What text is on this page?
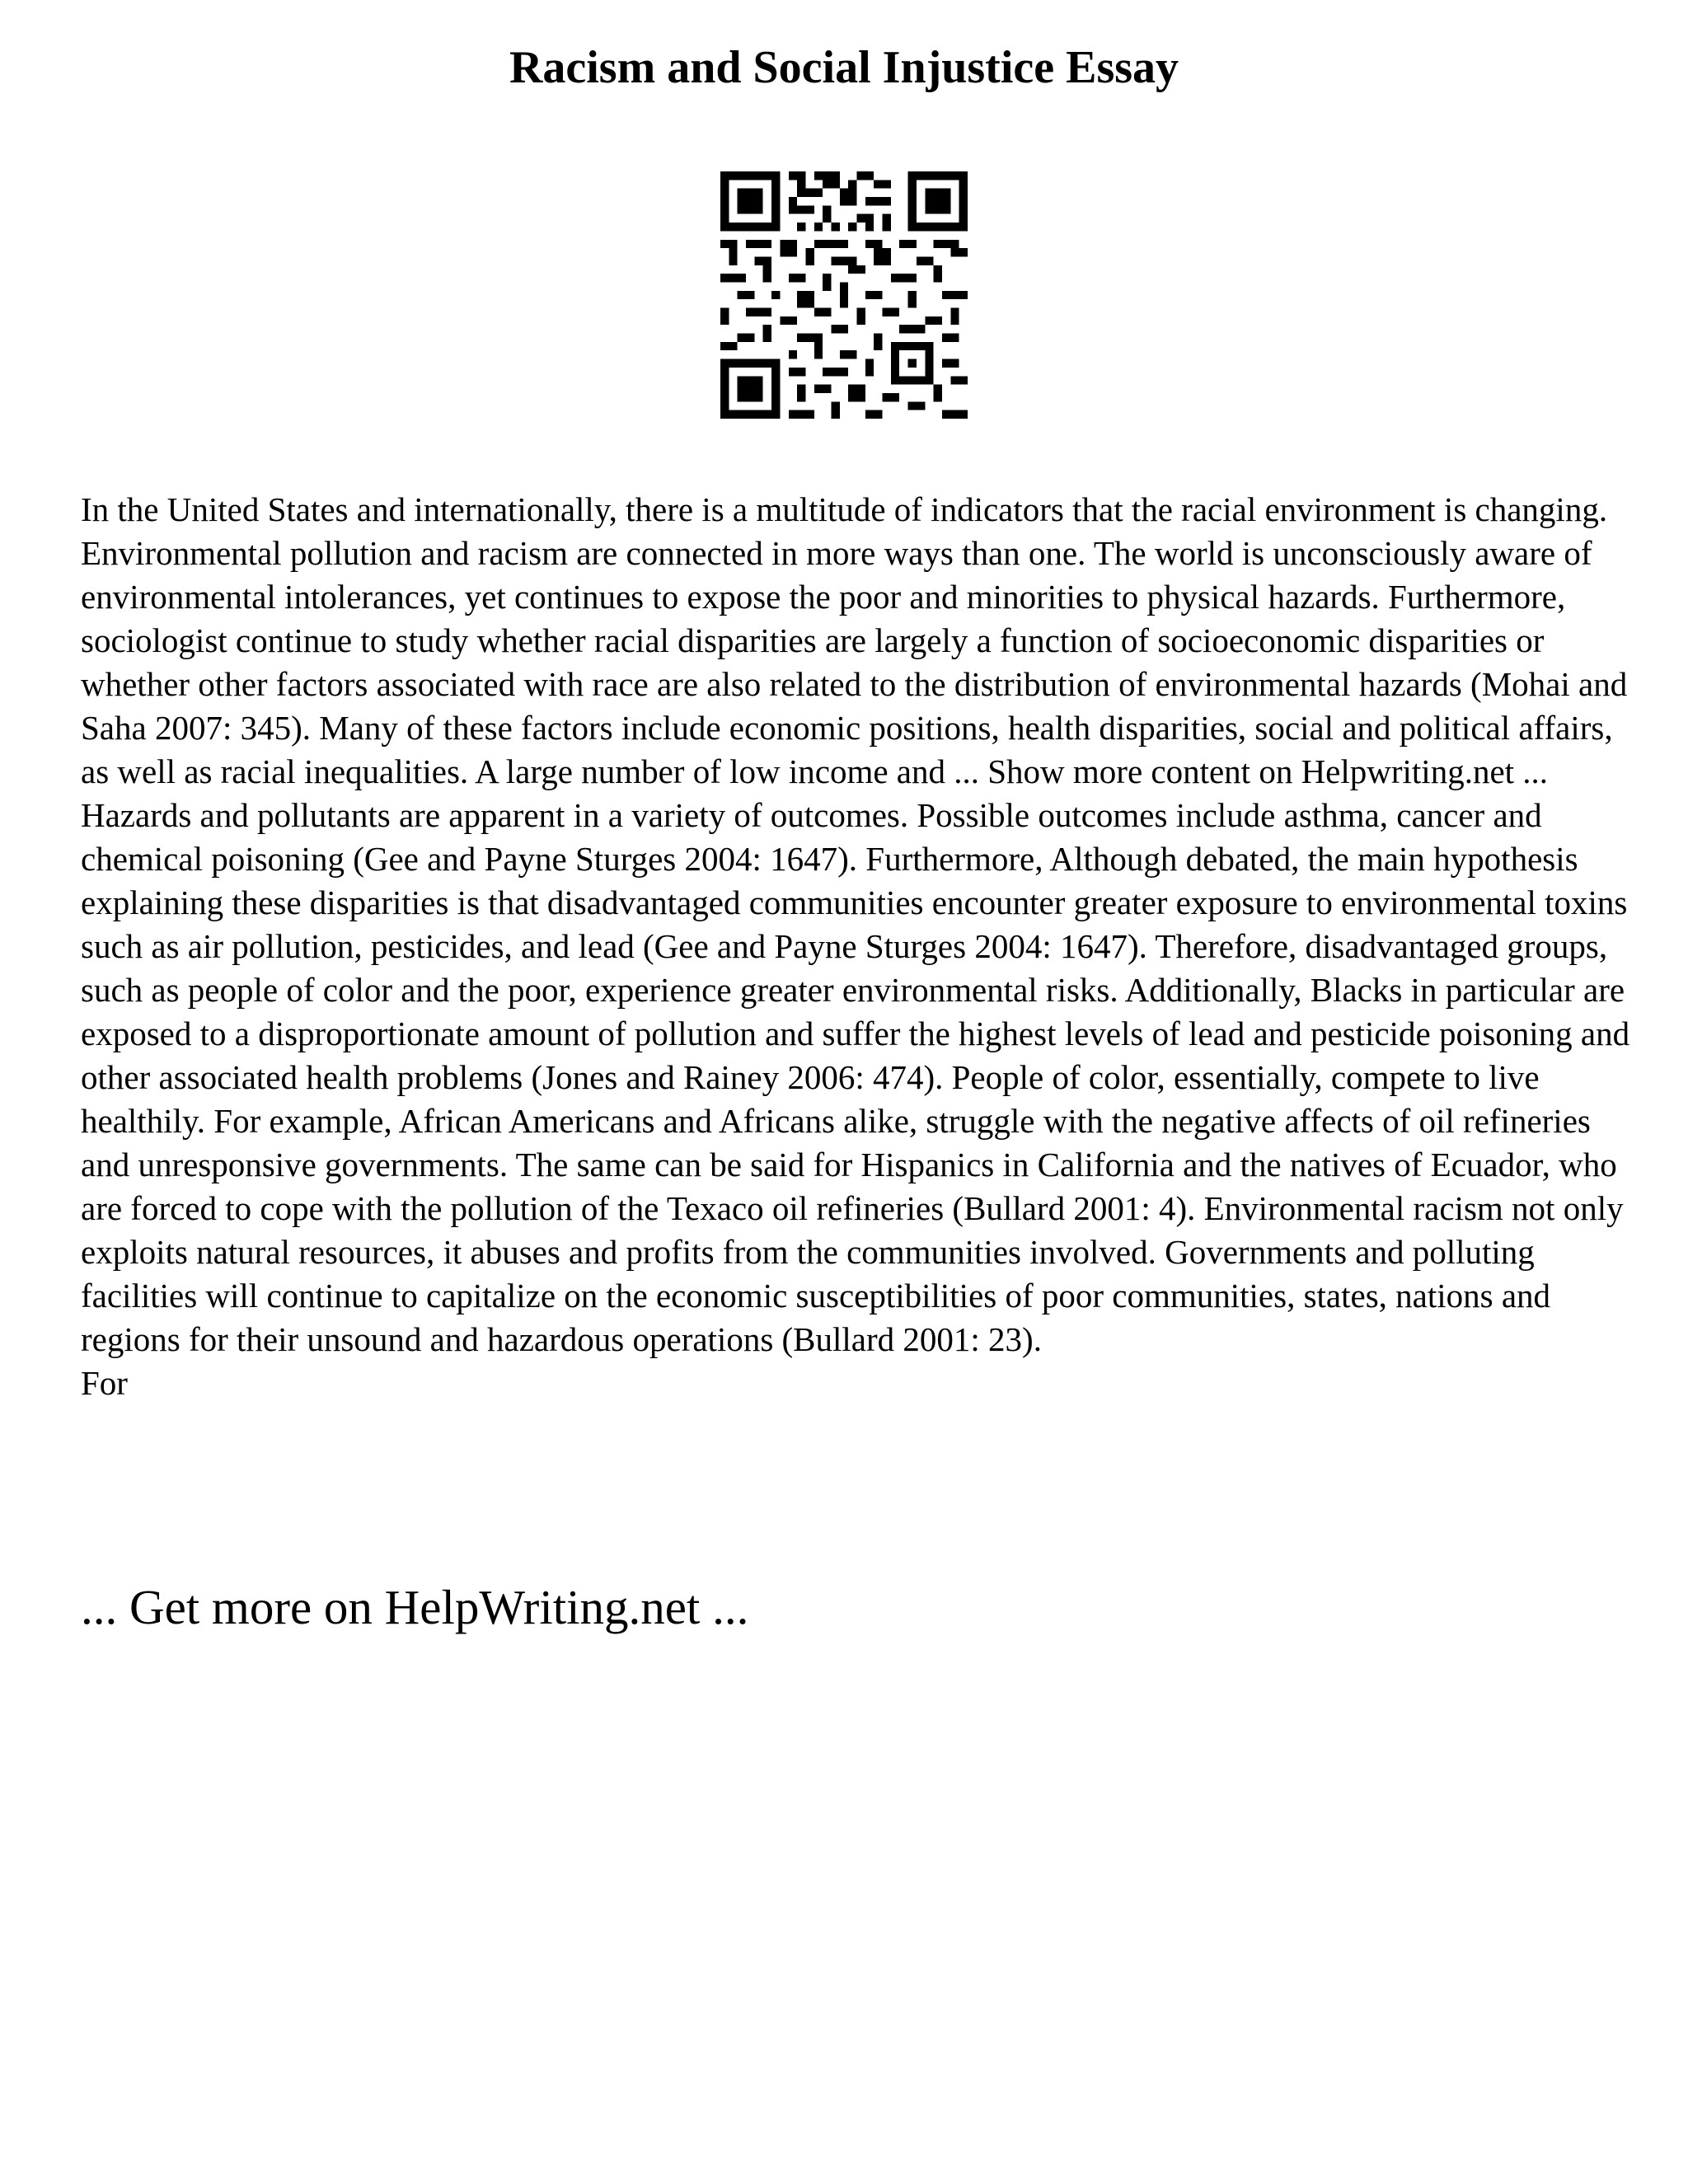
Racism and Social Injustice Essay

In the United States and internationally, there is a multitude of indicators that the racial environment is changing. Environmental pollution and racism are connected in more ways than one. The world is unconsciously aware of environmental intolerances, yet continues to expose the poor and minorities to physical hazards. Furthermore, sociologist continue to study whether racial disparities are largely a function of socioeconomic disparities or whether other factors associated with race are also related to the distribution of environmental hazards (Mohai and Saha 2007: 345). Many of these factors include economic positions, health disparities, social and political affairs, as well as racial inequalities. A large number of low income and ... Show more content on Helpwriting.net ...

Hazards and pollutants are apparent in a variety of outcomes. Possible outcomes include asthma, cancer and chemical poisoning (Gee and Payne Sturges 2004: 1647). Furthermore, Although debated, the main hypothesis explaining these disparities is that disadvantaged communities encounter greater exposure to environmental toxins such as air pollution, pesticides, and lead (Gee and Payne Sturges 2004: 1647). Therefore, disadvantaged groups, such as people of color and the poor, experience greater environmental risks. Additionally, Blacks in particular are exposed to a disproportionate amount of pollution and suffer the highest levels of lead and pesticide poisoning and other associated health problems (Jones and Rainey 2006: 474). People of color, essentially, compete to live healthily. For example, African Americans and Africans alike, struggle with the negative affects of oil refineries and unresponsive governments. The same can be said for Hispanics in California and the natives of Ecuador, who are forced to cope with the pollution of the Texaco oil refineries (Bullard 2001: 4). Environmental racism not only exploits natural resources, it abuses and profits from the communities involved. Governments and polluting facilities will continue to capitalize on the economic susceptibilities of poor communities, states, nations and regions for their unsound and hazardous operations (Bullard 2001: 23).

For

... Get more on HelpWriting.net ...
